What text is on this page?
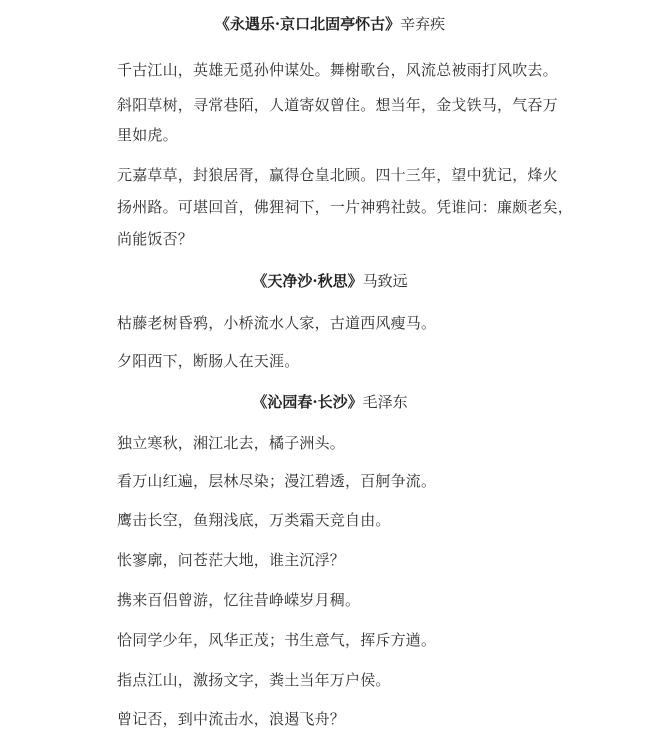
《永遇乐·京口北固亭怀古》辛弃疾
千古江山，英雄无觅孙仲谋处。舞榭歌台，风流总被雨打风吹去。
斜阳草树，寻常巷陌，人道寄奴曾住。想当年，金戈铁马，气吞万
里如虎。
元嘉草草，封狼居胥，赢得仓皇北顾。四十三年，望中犹记，烽火
扬州路。可堪回首，佛狸祠下，一片神鸦社鼓。凭谁问：廉颇老矣，
尚能饭否？
《天净沙·秋思》马致远
枯藤老树昏鸦，小桥流水人家，古道西风瘦马。
夕阳西下，断肠人在天涯。
《沁园春·长沙》毛泽东
独立寒秋，湘江北去，橘子洲头。
看万山红遍，层林尽染；漫江碧透，百舸争流。
鹰击长空，鱼翔浅底，万类霜天竞自由。
怅寥廓，问苍茫大地，谁主沉浮？
携来百侣曾游，忆往昔峥嵘岁月稠。
恰同学少年，风华正茂；书生意气，挥斥方遒。
指点江山，激扬文字，粪土当年万户侯。
曾记否，到中流击水，浪遏飞舟？
